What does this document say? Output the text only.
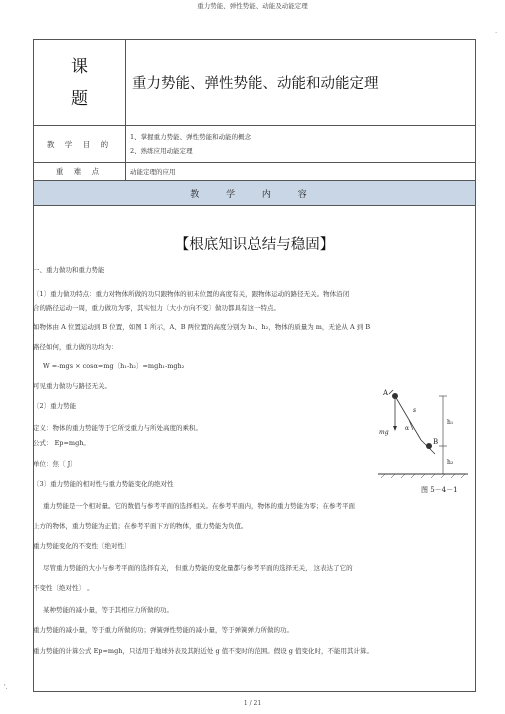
重力势能、弹性势能、动能及动能定理
.
课
题	重力势能、弹性势能、动能和动能定理
教 学 目 的	1、掌握重力势能、弹性势能和动能的概念
2、熟练应用动能定理

重 难 点	动能定理的应用
教 学 内 容	
【根底知识总结与稳固】
一、重力做功和重力势能
〔1〕重力做功特点：重力对物体所做的功只跟物体的初末位置的高度有关，跟物体运动的路径无关。物体沿闭
合的路径运动一周，重力做功为零，其实恒力〔大小方向不变〕做功都具有这一特点。
如物体由 A 位置运动到 B 位置，如图 1 所示，A、B 两位置的高度分别为 h₁、h₂，物体的质量为 m，无论从 A 到 B
路径如何，重力做的功均为：
W =-mgs × cosα=mg〔h₁-h₂〕=mgh₁-mgh₂
可见重力做功与路径无关。
〔2〕重力势能
定义：物体的重力势能等于它所受重力与所处高度的乘积。
公式： Ep=mgh。
单位：焦〔 J〕
〔3〕重力势能的相对性与重力势能变化的绝对性
重力势能是一个相对量。它的数值与参考平面的选择相关。在参考平面内，物体的重力势能为零；在参考平面
上方的物体，重力势能为正值；在参考平面下方的物体，重力势能为负值。
重力势能变化的不变性〔绝对性〕
尽管重力势能的大小与参考平面的选择有关， 但重力势能的变化量都与参考平面的选择无关， 这表达了它的
不变性〔绝对性〕 。
某种势能的减小量，等于其相应力所做的功。
重力势能的减小量，等于重力所做的功；弹簧弹性势能的减小量，等于弹簧弹力所做的功。
重力势能的计算公式 Ep=mgh，只适用于地球外表及其附近处 g 值不变时的范围。假设 g 值变化时，不能用其计算。
A
B
s
mg
α
h₁
h₂
图 5－4－1
'.
1 / 21
